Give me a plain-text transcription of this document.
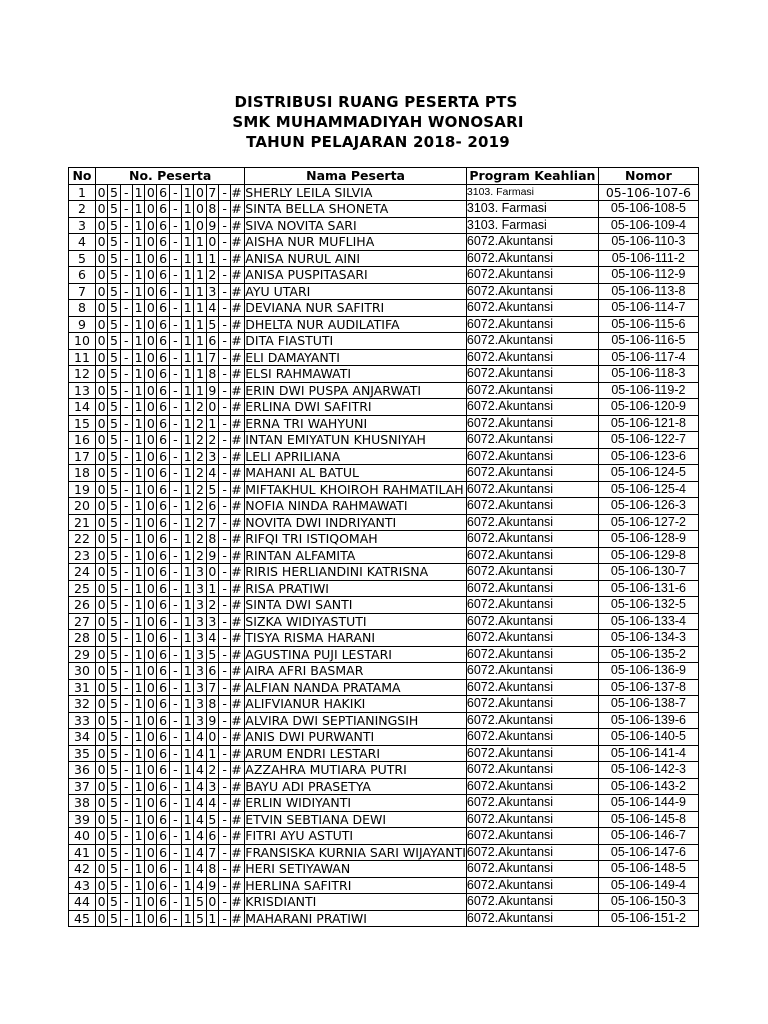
DISTRIBUSI RUANG PESERTA PTS
SMK MUHAMMADIYAH WONOSARI
TAHUN PELAJARAN 2018- 2019
No	No. Peserta												Nama Peserta	Program Keahlian	Nomor
1	0	5	-	1	0	6	-	1	0	7	-	#	SHERLY LEILA SILVIA	3103. Farmasi	05-106-107-6
2	0	5	-	1	0	6	-	1	0	8	-	#	SINTA BELLA SHONETA	3103. Farmasi	05-106-108-5
3	0	5	-	1	0	6	-	1	0	9	-	#	SIVA NOVITA SARI	3103. Farmasi	05-106-109-4
4	0	5	-	1	0	6	-	1	1	0	-	#	AISHA NUR MUFLIHA	6072.Akuntansi	05-106-110-3
5	0	5	-	1	0	6	-	1	1	1	-	#	ANISA NURUL AINI	6072.Akuntansi	05-106-111-2
6	0	5	-	1	0	6	-	1	1	2	-	#	ANISA PUSPITASARI	6072.Akuntansi	05-106-112-9
7	0	5	-	1	0	6	-	1	1	3	-	#	AYU UTARI	6072.Akuntansi	05-106-113-8
8	0	5	-	1	0	6	-	1	1	4	-	#	DEVIANA NUR SAFITRI	6072.Akuntansi	05-106-114-7
9	0	5	-	1	0	6	-	1	1	5	-	#	DHELTA NUR AUDILATIFA	6072.Akuntansi	05-106-115-6
10	0	5	-	1	0	6	-	1	1	6	-	#	DITA FIASTUTI	6072.Akuntansi	05-106-116-5
11	0	5	-	1	0	6	-	1	1	7	-	#	ELI DAMAYANTI	6072.Akuntansi	05-106-117-4
12	0	5	-	1	0	6	-	1	1	8	-	#	ELSI RAHMAWATI	6072.Akuntansi	05-106-118-3
13	0	5	-	1	0	6	-	1	1	9	-	#	ERIN DWI PUSPA ANJARWATI	6072.Akuntansi	05-106-119-2
14	0	5	-	1	0	6	-	1	2	0	-	#	ERLINA DWI SAFITRI	6072.Akuntansi	05-106-120-9
15	0	5	-	1	0	6	-	1	2	1	-	#	ERNA TRI WAHYUNI	6072.Akuntansi	05-106-121-8
16	0	5	-	1	0	6	-	1	2	2	-	#	INTAN EMIYATUN KHUSNIYAH	6072.Akuntansi	05-106-122-7
17	0	5	-	1	0	6	-	1	2	3	-	#	LELI APRILIANA	6072.Akuntansi	05-106-123-6
18	0	5	-	1	0	6	-	1	2	4	-	#	MAHANI AL BATUL	6072.Akuntansi	05-106-124-5
19	0	5	-	1	0	6	-	1	2	5	-	#	MIFTAKHUL KHOIROH RAHMATILAH	6072.Akuntansi	05-106-125-4
20	0	5	-	1	0	6	-	1	2	6	-	#	NOFIA NINDA RAHMAWATI	6072.Akuntansi	05-106-126-3
21	0	5	-	1	0	6	-	1	2	7	-	#	NOVITA DWI INDRIYANTI	6072.Akuntansi	05-106-127-2
22	0	5	-	1	0	6	-	1	2	8	-	#	RIFQI TRI ISTIQOMAH	6072.Akuntansi	05-106-128-9
23	0	5	-	1	0	6	-	1	2	9	-	#	RINTAN ALFAMITA	6072.Akuntansi	05-106-129-8
24	0	5	-	1	0	6	-	1	3	0	-	#	RIRIS HERLIANDINI KATRISNA	6072.Akuntansi	05-106-130-7
25	0	5	-	1	0	6	-	1	3	1	-	#	RISA PRATIWI	6072.Akuntansi	05-106-131-6
26	0	5	-	1	0	6	-	1	3	2	-	#	SINTA DWI SANTI	6072.Akuntansi	05-106-132-5
27	0	5	-	1	0	6	-	1	3	3	-	#	SIZKA WIDIYASTUTI	6072.Akuntansi	05-106-133-4
28	0	5	-	1	0	6	-	1	3	4	-	#	TISYA RISMA HARANI	6072.Akuntansi	05-106-134-3
29	0	5	-	1	0	6	-	1	3	5	-	#	AGUSTINA PUJI LESTARI	6072.Akuntansi	05-106-135-2
30	0	5	-	1	0	6	-	1	3	6	-	#	AIRA AFRI BASMAR	6072.Akuntansi	05-106-136-9
31	0	5	-	1	0	6	-	1	3	7	-	#	ALFIAN NANDA PRATAMA	6072.Akuntansi	05-106-137-8
32	0	5	-	1	0	6	-	1	3	8	-	#	ALIFVIANUR HAKIKI	6072.Akuntansi	05-106-138-7
33	0	5	-	1	0	6	-	1	3	9	-	#	ALVIRA DWI SEPTIANINGSIH	6072.Akuntansi	05-106-139-6
34	0	5	-	1	0	6	-	1	4	0	-	#	ANIS DWI PURWANTI	6072.Akuntansi	05-106-140-5
35	0	5	-	1	0	6	-	1	4	1	-	#	ARUM ENDRI LESTARI	6072.Akuntansi	05-106-141-4
36	0	5	-	1	0	6	-	1	4	2	-	#	AZZAHRA MUTIARA PUTRI	6072.Akuntansi	05-106-142-3
37	0	5	-	1	0	6	-	1	4	3	-	#	BAYU ADI PRASETYA	6072.Akuntansi	05-106-143-2
38	0	5	-	1	0	6	-	1	4	4	-	#	ERLIN WIDIYANTI	6072.Akuntansi	05-106-144-9
39	0	5	-	1	0	6	-	1	4	5	-	#	ETVIN SEBTIANA DEWI	6072.Akuntansi	05-106-145-8
40	0	5	-	1	0	6	-	1	4	6	-	#	FITRI AYU ASTUTI	6072.Akuntansi	05-106-146-7
41	0	5	-	1	0	6	-	1	4	7	-	#	FRANSISKA KURNIA SARI WIJAYANTI	6072.Akuntansi	05-106-147-6
42	0	5	-	1	0	6	-	1	4	8	-	#	HERI SETIYAWAN	6072.Akuntansi	05-106-148-5
43	0	5	-	1	0	6	-	1	4	9	-	#	HERLINA SAFITRI	6072.Akuntansi	05-106-149-4
44	0	5	-	1	0	6	-	1	5	0	-	#	KRISDIANTI	6072.Akuntansi	05-106-150-3
45	0	5	-	1	0	6	-	1	5	1	-	#	MAHARANI PRATIWI	6072.Akuntansi	05-106-151-2
